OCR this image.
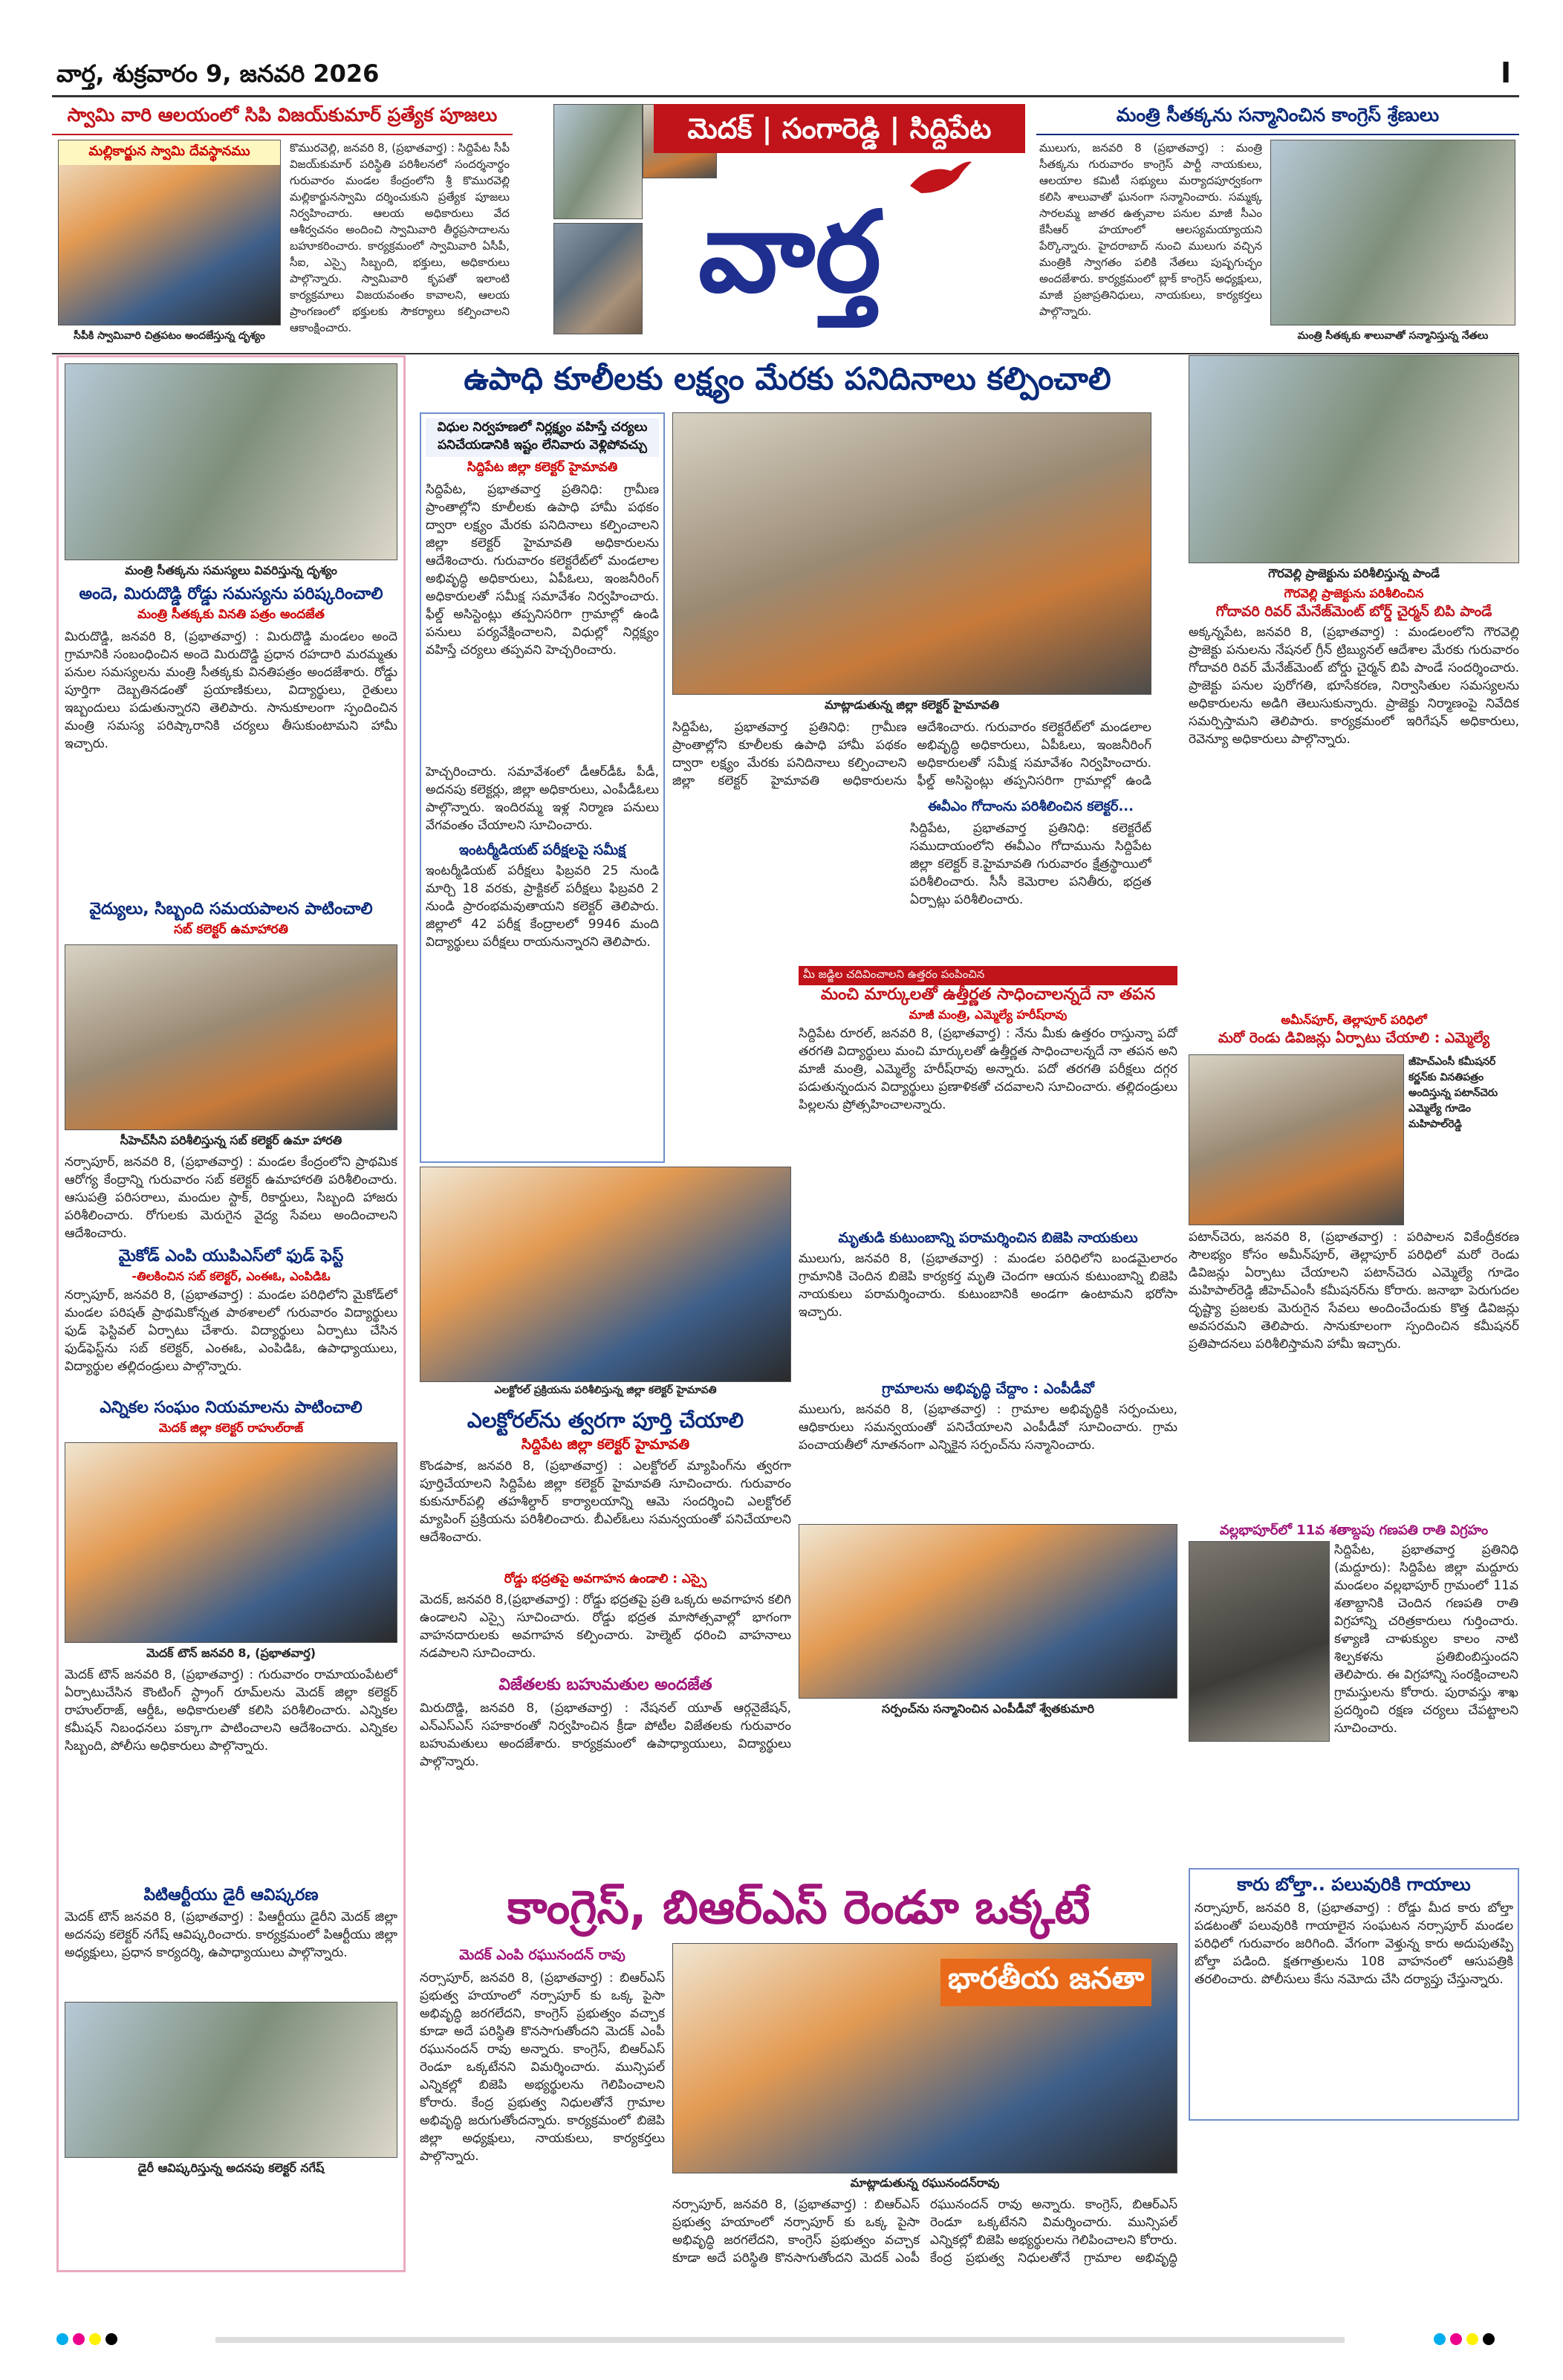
వార్త, శుక్రవారం 9, జనవరి 2026	I
స్వామి వారి ఆలయంలో సిపి విజయ్‌కుమార్ ప్రత్యేక పూజలు
మల్లికార్జున స్వామి దేవస్థానము	కొమురవెల్లి, జనవరి 8, (ప్రభాతవార్త) : సిద్దిపేట సీపీ విజయ్‌కుమార్ పరిస్థితి పరిశీలనలో సందర్శనార్థం గురువారం మండల కేంద్రంలోని శ్రీ కొమురవెల్లి మల్లికార్జునస్వామి దర్శించుకుని ప్రత్యేక పూజలు నిర్వహించారు. ఆలయ అధికారులు వేద ఆశీర్వచనం అందించి స్వామివారి తీర్థప్రసాదాలను బహూకరించారు. కార్యక్రమంలో స్వామివారి ఏసీపీ, సీఐ, ఎస్సై సిబ్బంది, భక్తులు, అధికారులు పాల్గొన్నారు. స్వామివారి కృపతో ఇలాంటి కార్యక్రమాలు విజయవంతం కావాలని, ఆలయ ప్రాంగణంలో భక్తులకు సౌకర్యాలు కల్పించాలని ఆకాంక్షించారు.
సీపీకి స్వామివారి చిత్రపటం అందజేస్తున్న దృశ్యం
మెదక్ | సంగారెడ్డి | సిద్దిపేట
వార్త
మంత్రి సీతక్కను సన్మానించిన కాంగ్రెస్ శ్రేణులు
ములుగు, జనవరి 8 (ప్రభాతవార్త) : మంత్రి సీతక్కను గురువారం కాంగ్రెస్ పార్టీ నాయకులు, ఆలయాల కమిటీ సభ్యులు మర్యాదపూర్వకంగా కలిసి శాలువాతో ఘనంగా సన్మానించారు. సమ్మక్క సారలమ్మ జాతర ఉత్సవాల పనుల మాజీ సీఎం కేసీఆర్ హయాంలో ఆలస్యమయ్యాయని పేర్కొన్నారు. హైదరాబాద్ నుంచి ములుగు వచ్చిన మంత్రికి స్వాగతం పలికి నేతలు పుష్పగుచ్ఛం అందజేశారు. కార్యక్రమంలో బ్లాక్ కాంగ్రెస్ అధ్యక్షులు, మాజీ ప్రజాప్రతినిధులు, నాయకులు, కార్యకర్తలు పాల్గొన్నారు.
మంత్రి సీతక్కకు శాలువాతో సన్మానిస్తున్న నేతలు
మంత్రి సీతక్కను సమస్యలు వివరిస్తున్న దృశ్యం
అందె, మిరుదొడ్డి రోడ్డు సమస్యను పరిష్కరించాలి
మంత్రి సీతక్కకు వినతి పత్రం అందజేత
మిరుదొడ్డి, జనవరి 8, (ప్రభాతవార్త) : మిరుదొడ్డి మండలం అందె గ్రామానికి సంబంధించిన అందె మిరుదొడ్డి ప్రధాన రహదారి మరమ్మతు పనుల సమస్యలను మంత్రి సీతక్కకు వినతిపత్రం అందజేశారు. రోడ్డు పూర్తిగా దెబ్బతినడంతో ప్రయాణికులు, విద్యార్థులు, రైతులు ఇబ్బందులు పడుతున్నారని తెలిపారు. సానుకూలంగా స్పందించిన మంత్రి సమస్య పరిష్కారానికి చర్యలు తీసుకుంటామని హామీ ఇచ్చారు.
వైద్యులు, సిబ్బంది సమయపాలన పాటించాలి
సబ్ కలెక్టర్ ఉమాహారతి
సీహెచ్‌సీని పరిశీలిస్తున్న సబ్ కలెక్టర్ ఉమా హారతి
నర్సాపూర్, జనవరి 8, (ప్రభాతవార్త) : మండల కేంద్రంలోని ప్రాథమిక ఆరోగ్య కేంద్రాన్ని గురువారం సబ్ కలెక్టర్ ఉమాహారతి పరిశీలించారు. ఆసుపత్రి పరిసరాలు, మందుల స్టాక్, రికార్డులు, సిబ్బంది హాజరు పరిశీలించారు. రోగులకు మెరుగైన వైద్య సేవలు అందించాలని ఆదేశించారు.
మైకోడ్ ఎంపి యుపిఎస్‌లో ఫుడ్ ఫెస్ట్
-తిలకించిన సబ్ కలెక్టర్, ఎంఈఓ, ఎంపిడిఓ
నర్సాపూర్, జనవరి 8, (ప్రభాతవార్త) : మండల పరిధిలోని మైకోడ్‌లో మండల పరిషత్ ప్రాథమికోన్నత పాఠశాలలో గురువారం విద్యార్థులు ఫుడ్ ఫెస్టివల్ ఏర్పాటు చేశారు. విద్యార్థులు ఏర్పాటు చేసిన ఫుడ్‌ఫెస్ట్‌ను సబ్ కలెక్టర్, ఎంఈఓ, ఎంపిడిఓ, ఉపాధ్యాయులు, విద్యార్థుల తల్లిదండ్రులు పాల్గొన్నారు.
ఎన్నికల సంఘం నియమాలను పాటించాలి
మెదక్ జిల్లా కలెక్టర్ రాహుల్‌రాజ్
మెదక్ టౌన్ జనవరి 8, (ప్రభాతవార్త)
మెదక్ టౌన్ జనవరి 8, (ప్రభాతవార్త) : గురువారం రామాయంపేటలో ఏర్పాటుచేసిన కౌంటింగ్ స్ట్రాంగ్ రూమ్‌లను మెదక్ జిల్లా కలెక్టర్ రాహుల్‌రాజ్, ఆర్డీఓ, అధికారులతో కలిసి పరిశీలించారు. ఎన్నికల కమీషన్ నిబంధనలు పక్కాగా పాటించాలని ఆదేశించారు. ఎన్నికల సిబ్బంది, పోలీసు అధికారులు పాల్గొన్నారు.
పిటిఆర్టీయు డైరీ ఆవిష్కరణ
మెదక్ టౌన్ జనవరి 8, (ప్రభాతవార్త) : పిఆర్టీయు డైరీని మెదక్ జిల్లా అదనపు కలెక్టర్ నగేష్ ఆవిష్కరించారు. కార్యక్రమంలో పిఆర్టీయు జిల్లా అధ్యక్షులు, ప్రధాన కార్యదర్శి, ఉపాధ్యాయులు పాల్గొన్నారు.
డైరీ ఆవిష్కరిస్తున్న అదనపు కలెక్టర్ నగేష్
ఉపాధి కూలీలకు లక్ష్యం మేరకు పనిదినాలు కల్పించాలి
విధుల నిర్వహణలో నిర్లక్ష్యం వహిస్తే చర్యలు పనిచేయడానికి ఇష్టం లేనివారు వెళ్లిపోవచ్చు
సిద్దిపేట జిల్లా కలెక్టర్ హైమావతి
సిద్దిపేట, ప్రభాతవార్త ప్రతినిధి: గ్రామీణ ప్రాంతాల్లోని కూలీలకు ఉపాధి హామీ పథకం ద్వారా లక్ష్యం మేరకు పనిదినాలు కల్పించాలని జిల్లా కలెక్టర్ హైమావతి అధికారులను ఆదేశించారు. గురువారం కలెక్టరేట్‌లో మండలాల అభివృద్ధి అధికారులు, ఏపీఓలు, ఇంజనీరింగ్ అధికారులతో సమీక్ష సమావేశం నిర్వహించారు. ఫీల్డ్ అసిస్టెంట్లు తప్పనిసరిగా గ్రామాల్లో ఉండి పనులు పర్యవేక్షించాలని, విధుల్లో నిర్లక్ష్యం వహిస్తే చర్యలు తప్పవని హెచ్చరించారు.
హెచ్చరించారు. సమావేశంలో డీఆర్‌డీఓ పీడీ, అదనపు కలెక్టర్లు, జిల్లా అధికారులు, ఎంపీడీఓలు పాల్గొన్నారు. ఇందిరమ్మ ఇళ్ల నిర్మాణ పనులు వేగవంతం చేయాలని సూచించారు.
ఇంటర్మీడియట్ పరీక్షలపై సమీక్ష
ఇంటర్మీడియట్ పరీక్షలు ఫిబ్రవరి 25 నుండి మార్చి 18 వరకు, ప్రాక్టికల్ పరీక్షలు ఫిబ్రవరి 2 నుండి ప్రారంభమవుతాయని కలెక్టర్ తెలిపారు. జిల్లాలో 42 పరీక్ష కేంద్రాలలో 9946 మంది విద్యార్థులు పరీక్షలు రాయనున్నారని తెలిపారు.
మాట్లాడుతున్న జిల్లా కలెక్టర్ హైమావతి
సిద్దిపేట, ప్రభాతవార్త ప్రతినిధి: గ్రామీణ ప్రాంతాల్లోని కూలీలకు ఉపాధి హామీ పథకం ద్వారా లక్ష్యం మేరకు పనిదినాలు కల్పించాలని జిల్లా కలెక్టర్ హైమావతి అధికారులను ఆదేశించారు. గురువారం కలెక్టరేట్‌లో మండలాల అభివృద్ధి అధికారులు, ఏపీఓలు, ఇంజనీరింగ్ అధికారులతో సమీక్ష సమావేశం నిర్వహించారు. ఫీల్డ్ అసిస్టెంట్లు తప్పనిసరిగా గ్రామాల్లో ఉండి
ఈవీఎం గోదాంను పరిశీలించిన కలెక్టర్...
సిద్దిపేట, ప్రభాతవార్త ప్రతినిధి: కలెక్టరేట్ సముదాయంలోని ఈవీఎం గోదామును సిద్దిపేట జిల్లా కలెక్టర్ కె.హైమావతి గురువారం క్షేత్రస్థాయిలో పరిశీలించారు. సీసీ కెమెరాల పనితీరు, భద్రత ఏర్పాట్లు పరిశీలించారు.
ఎలక్టోరల్ ప్రక్రియను పరిశీలిస్తున్న జిల్లా కలెక్టర్ హైమావతి
ఎలక్టోరల్‌ను త్వరగా పూర్తి చేయాలి
సిద్దిపేట జిల్లా కలెక్టర్ హైమావతి
కొండపాక, జనవరి 8, (ప్రభాతవార్త) : ఎలక్టోరల్ మ్యాపింగ్‌ను త్వరగా పూర్తిచేయాలని సిద్దిపేట జిల్లా కలెక్టర్ హైమావతి సూచించారు. గురువారం కుకునూర్‌పల్లి తహశీల్దార్ కార్యాలయాన్ని ఆమె సందర్శించి ఎలక్టోరల్ మ్యాపింగ్ ప్రక్రియను పరిశీలించారు. బీఎల్‌ఓలు సమన్వయంతో పనిచేయాలని ఆదేశించారు.
రోడ్డు భద్రతపై అవగాహన ఉండాలి : ఎస్సై
మెదక్, జనవరి 8,(ప్రభాతవార్త) : రోడ్డు భద్రతపై ప్రతి ఒక్కరు అవగాహన కలిగి ఉండాలని ఎస్సై సూచించారు. రోడ్డు భద్రత మాసోత్సవాల్లో భాగంగా వాహనదారులకు అవగాహన కల్పించారు. హెల్మెట్ ధరించి వాహనాలు నడపాలని సూచించారు.
విజేతలకు బహుమతుల అందజేత
మిరుదొడ్డి, జనవరి 8, (ప్రభాతవార్త) : నేషనల్ యూత్ ఆర్గనైజేషన్, ఎన్ఎస్ఎస్ సహకారంతో నిర్వహించిన క్రీడా పోటీల విజేతలకు గురువారం బహుమతులు అందజేశారు. కార్యక్రమంలో ఉపాధ్యాయులు, విద్యార్థులు పాల్గొన్నారు.
మీ జడ్జిల చదివించాలని ఉత్తరం పంపించిన
మంచి మార్కులతో ఉత్తీర్ణత సాధించాలన్నదే నా తపన
మాజీ మంత్రి, ఎమ్మెల్యే హరీష్‌రావు
సిద్దిపేట రూరల్, జనవరి 8, (ప్రభాతవార్త) : నేను మీకు ఉత్తరం రాస్తున్నా పదో తరగతి విద్యార్థులు మంచి మార్కులతో ఉత్తీర్ణత సాధించాలన్నదే నా తపన అని మాజీ మంత్రి, ఎమ్మెల్యే హరీష్‌రావు అన్నారు. పదో తరగతి పరీక్షలు దగ్గర పడుతున్నందున విద్యార్థులు ప్రణాళికతో చదవాలని సూచించారు. తల్లిదండ్రులు పిల్లలను ప్రోత్సహించాలన్నారు.
మృతుడి కుటుంబాన్ని పరామర్శించిన బిజెపి నాయకులు
ములుగు, జనవరి 8, (ప్రభాతవార్త) : మండల పరిధిలోని బండమైలారం గ్రామానికి చెందిన బిజెపి కార్యకర్త మృతి చెందగా ఆయన కుటుంబాన్ని బిజెపి నాయకులు పరామర్శించారు. కుటుంబానికి అండగా ఉంటామని భరోసా ఇచ్చారు.
గ్రామాలను అభివృద్ధి చేద్దాం : ఎంపీడీవో
ములుగు, జనవరి 8, (ప్రభాతవార్త) : గ్రామాల అభివృద్ధికి సర్పంచులు, ఆధికారులు సమన్వయంతో పనిచేయాలని ఎంపీడీవో సూచించారు. గ్రామ పంచాయతీలో నూతనంగా ఎన్నికైన సర్పంచ్‌ను సన్మానించారు.
సర్పంచ్‌ను సన్మానించిన ఎంపీడీవో శ్వేతకుమారి
గౌరవెల్లి ప్రాజెక్టును పరిశీలిస్తున్న పాండే
గౌరవెల్లి ప్రాజెక్టును పరిశీలించిన
గోదావరి రివర్ మేనేజ్‌మెంట్ బోర్డ్ చైర్మన్ బిపి పాండే
అక్కన్నపేట, జనవరి 8, (ప్రభాతవార్త) : మండలంలోని గౌరవెల్లి ప్రాజెక్టు పనులను నేషనల్ గ్రీన్ ట్రిబ్యునల్ ఆదేశాల మేరకు గురువారం గోదావరి రివర్ మేనేజ్‌మెంట్ బోర్డు చైర్మన్ బిపి పాండే సందర్శించారు. ప్రాజెక్టు పనుల పురోగతి, భూసేకరణ, నిర్వాసితుల సమస్యలను అధికారులను అడిగి తెలుసుకున్నారు. ప్రాజెక్టు నిర్మాణంపై నివేదిక సమర్పిస్తామని తెలిపారు. కార్యక్రమంలో ఇరిగేషన్ అధికారులు, రెవెన్యూ అధికారులు పాల్గొన్నారు.
అమీన్‌పూర్, తెల్లాపూర్ పరిధిలో
మరో రెండు డివిజన్లు ఏర్పాటు చేయాలి : ఎమ్మెల్యే
జీహెచ్‌ఎంసీ కమీషనర్ కర్ణన్‌కు వినతిపత్రం అందిస్తున్న పటాన్‌చెరు ఎమ్మెల్యే గూడెం మహిపాల్‌రెడ్డి
పటాన్‌చెరు, జనవరి 8, (ప్రభాతవార్త) : పరిపాలన వికేంద్రీకరణ సౌలభ్యం కోసం అమీన్‌పూర్, తెల్లాపూర్ పరిధిలో మరో రెండు డివిజన్లు ఏర్పాటు చేయాలని పటాన్‌చెరు ఎమ్మెల్యే గూడెం మహిపాల్‌రెడ్డి జీహెచ్‌ఎంసీ కమీషనర్‌ను కోరారు. జనాభా పెరుగుదల దృష్ట్యా ప్రజలకు మెరుగైన సేవలు అందించేందుకు కొత్త డివిజన్లు అవసరమని తెలిపారు. సానుకూలంగా స్పందించిన కమీషనర్ ప్రతిపాదనలు పరిశీలిస్తామని హామీ ఇచ్చారు.
వల్లభాపూర్‌లో 11వ శతాబ్దపు గణపతి రాతి విగ్రహం
సిద్దిపేట, ప్రభాతవార్త ప్రతినిధి (మద్దూరు): సిద్దిపేట జిల్లా మద్దూరు మండలం వల్లభాపూర్ గ్రామంలో 11వ శతాబ్దానికి చెందిన గణపతి రాతి విగ్రహాన్ని చరిత్రకారులు గుర్తించారు. కళ్యాణి చాళుక్యుల కాలం నాటి శిల్పకళను ప్రతిబింబిస్తుందని తెలిపారు. ఈ విగ్రహాన్ని సంరక్షించాలని గ్రామస్తులను కోరారు. పురావస్తు శాఖ ప్రదర్శించి రక్షణ చర్యలు చేపట్టాలని సూచించారు.
కారు బోల్తా.. పలువురికి గాయాలు
నర్సాపూర్, జనవరి 8, (ప్రభాతవార్త) : రోడ్డు మీద కారు బోల్తా పడటంతో పలువురికి గాయాలైన సంఘటన నర్సాపూర్ మండల పరిధిలో గురువారం జరిగింది. వేగంగా వెళ్తున్న కారు అదుపుతప్పి బోల్తా పడింది. క్షతగాత్రులను 108 వాహనంలో ఆసుపత్రికి తరలించారు. పోలీసులు కేసు నమోదు చేసి దర్యాప్తు చేస్తున్నారు.
కాంగ్రెస్, బిఆర్ఎస్ రెండూ ఒక్కటే
మెదక్ ఎంపి రఘునందన్ రావు
నర్సాపూర్, జనవరి 8, (ప్రభాతవార్త) : బిఆర్ఎస్ ప్రభుత్వ హయాంలో నర్సాపూర్ కు ఒక్క పైసా అభివృద్ధి జరగలేదని, కాంగ్రెస్ ప్రభుత్వం వచ్చాక కూడా అదే పరిస్థితి కొనసాగుతోందని మెదక్ ఎంపీ రఘునందన్ రావు అన్నారు. కాంగ్రెస్, బిఆర్ఎస్ రెండూ ఒక్కటేనని విమర్శించారు. మున్సిపల్ ఎన్నికల్లో బిజెపి అభ్యర్థులను గెలిపించాలని కోరారు. కేంద్ర ప్రభుత్వ నిధులతోనే గ్రామాల అభివృద్ధి జరుగుతోందన్నారు. కార్యక్రమంలో బిజెపి జిల్లా అధ్యక్షులు, నాయకులు, కార్యకర్తలు పాల్గొన్నారు.
భారతీయ జనతా
మాట్లాడుతున్న రఘునందన్‌రావు
నర్సాపూర్, జనవరి 8, (ప్రభాతవార్త) : బిఆర్ఎస్ ప్రభుత్వ హయాంలో నర్సాపూర్ కు ఒక్క పైసా అభివృద్ధి జరగలేదని, కాంగ్రెస్ ప్రభుత్వం వచ్చాక కూడా అదే పరిస్థితి కొనసాగుతోందని మెదక్ ఎంపీ రఘునందన్ రావు అన్నారు. కాంగ్రెస్, బిఆర్ఎస్ రెండూ ఒక్కటేనని విమర్శించారు. మున్సిపల్ ఎన్నికల్లో బిజెపి అభ్యర్థులను గెలిపించాలని కోరారు. కేంద్ర ప్రభుత్వ నిధులతోనే గ్రామాల అభివృద్ధి
